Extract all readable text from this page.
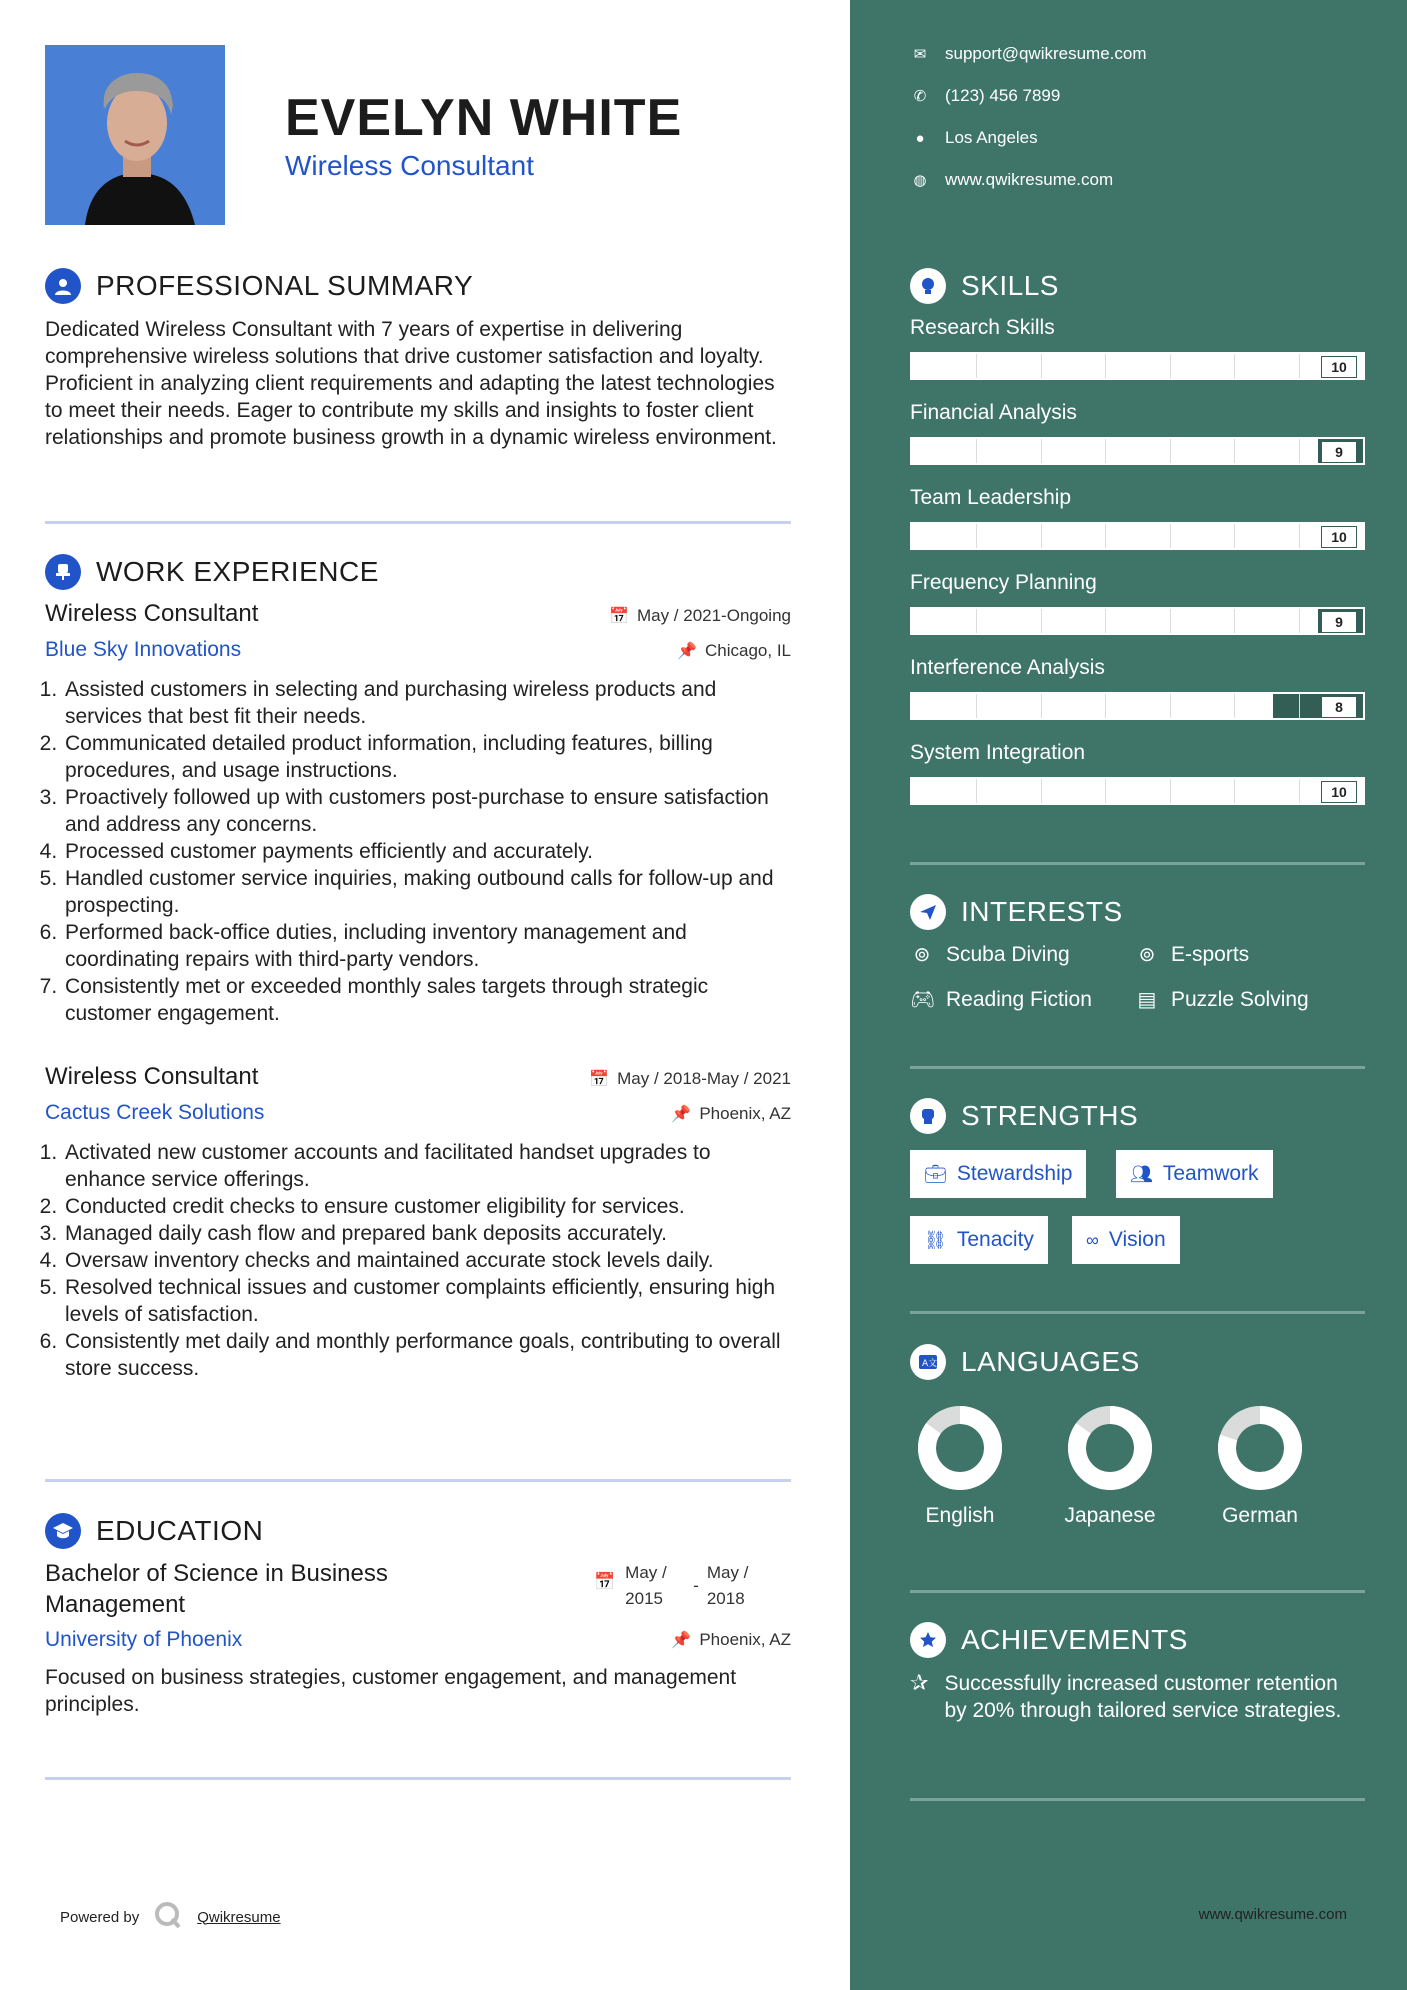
EVELYN WHITE
Wireless Consultant
PROFESSIONAL SUMMARY

Dedicated Wireless Consultant with 7 years of expertise in delivering comprehensive wireless solutions that drive customer satisfaction and loyalty. Proficient in analyzing client requirements and adapting the latest technologies to meet their needs. Eager to contribute my skills and insights to foster client relationships and promote business growth in a dynamic wireless environment.

WORK EXPERIENCE
Wireless Consultant	📅 May / 2021-Ongoing
Blue Sky Innovations	📌 Chicago, IL
1. Assisted customers in selecting and purchasing wireless products and services that best fit their needs.
2. Communicated detailed product information, including features, billing procedures, and usage instructions.
3. Proactively followed up with customers post-purchase to ensure satisfaction and address any concerns.
4. Processed customer payments efficiently and accurately.
5. Handled customer service inquiries, making outbound calls for follow-up and prospecting.
6. Performed back-office duties, including inventory management and coordinating repairs with third-party vendors.
7. Consistently met or exceeded monthly sales targets through strategic customer engagement.
Wireless Consultant	📅 May / 2018-May / 2021
Cactus Creek Solutions	📌 Phoenix, AZ
1. Activated new customer accounts and facilitated handset upgrades to enhance service offerings.
2. Conducted credit checks to ensure customer eligibility for services.
3. Managed daily cash flow and prepared bank deposits accurately.
4. Oversaw inventory checks and maintained accurate stock levels daily.
5. Resolved technical issues and customer complaints efficiently, ensuring high levels of satisfaction.
6. Consistently met daily and monthly performance goals, contributing to overall store success.
EDUCATION
Bachelor of Science in Business Management
📅 May / 2015
-
May / 2018
University of Phoenix	📌 Phoenix, AZ

Focused on business strategies, customer engagement, and management principles.

Powered by	Qwikresume
✉ support@qwikresume.com
✆ (123) 456 7899
●	Los Angeles
◍ www.qwikresume.com
SKILLS
Research Skills
10
Financial Analysis
9
Team Leadership
10
Frequency Planning
9
Interference Analysis
8
System Integration
10
INTERESTS
⊚ Scuba Diving	⊚ E-sports
🎮︎ Reading Fiction ▤ Puzzle Solving
STRENGTHS
💼︎ Stewardship	👥︎ Teamwork
⛓ Tenacity	∞ Vision
A文 LANGUAGES
English	Japanese	German
ACHIEVEMENTS
✰ Successfully increased customer retention by 20% through tailored service strategies.
www.qwikresume.com
